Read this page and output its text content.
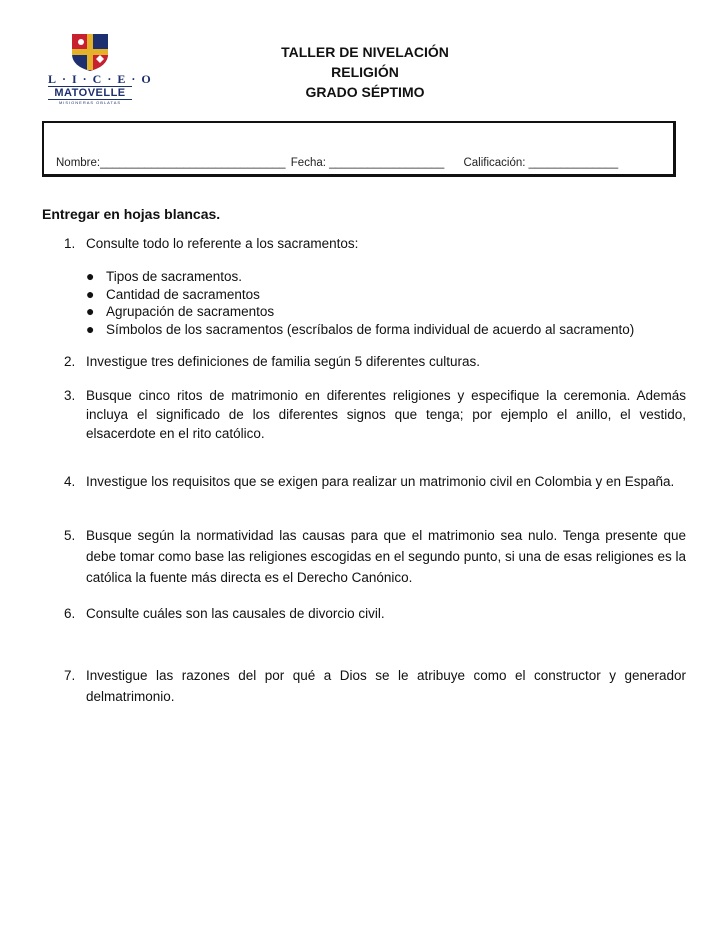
L·I·C·E·O
MATOVELLE
MISIONERAS OBLATAS
TALLER DE NIVELACIÓN
RELIGIÓN
GRADO SÉPTIMO
Nombre:_____________________________ Fecha: __________________ Calificación: ______________
Entregar en hojas blancas.
1. Consulte todo lo referente a los sacramentos:
● Tipos de sacramentos.
● Cantidad de sacramentos
● Agrupación de sacramentos
● Símbolos de los sacramentos (escríbalos de forma individual de acuerdo al sacramento)
2. Investigue tres definiciones de familia según 5 diferentes culturas.
3. Busque cinco ritos de matrimonio en diferentes religiones y especifique la ceremonia. Además incluya el significado de los diferentes signos que tenga; por ejemplo el anillo, el vestido, elsacerdote en el rito católico.
4. Investigue los requisitos que se exigen para realizar un matrimonio civil en Colombia y en España.
5. Busque según la normatividad las causas para que el matrimonio sea nulo. Tenga presente que debe tomar como base las religiones escogidas en el segundo punto, si una de esas religiones es la católica la fuente más directa es el Derecho Canónico.
6. Consulte cuáles son las causales de divorcio civil.
7. Investigue las razones del por qué a Dios se le atribuye como el constructor y generador delmatrimonio.
